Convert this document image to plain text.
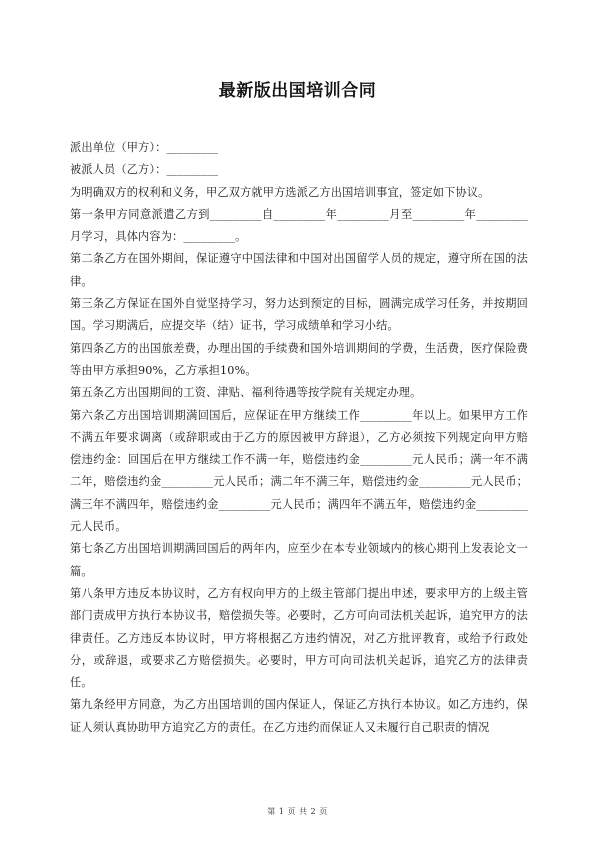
最新版出国培训合同

派出单位（甲方）：_________

被派人员（乙方）：_________

为明确双方的权利和义务，甲乙双方就甲方选派乙方出国培训事宜，签定如下协议。

第一条甲方同意派遣乙方到_________自_________年_________月至_________年_________月学习，具体内容为：_________。

第二条乙方在国外期间，保证遵守中国法律和中国对出国留学人员的规定，遵守所在国的法律。

第三条乙方保证在国外自觉坚持学习，努力达到预定的目标，圆满完成学习任务，并按期回国。学习期满后，应提交毕（结）证书，学习成绩单和学习小结。

第四条乙方的出国旅差费，办理出国的手续费和国外培训期间的学费，生活费，医疗保险费等由甲方承担90%，乙方承担10%。

第五条乙方出国期间的工资、津贴、福利待遇等按学院有关规定办理。

第六条乙方出国培训期满回国后，应保证在甲方继续工作_________年以上。如果甲方工作不满五年要求调离（或辞职或由于乙方的原因被甲方辞退），乙方必须按下列规定向甲方赔偿违约金：回国后在甲方继续工作不满一年，赔偿违约金_________元人民币；满一年不满二年，赔偿违约金_________元人民币；满二年不满三年，赔偿违约金_________元人民币；满三年不满四年，赔偿违约金_________元人民币；满四年不满五年，赔偿违约金_________元人民币。

第七条乙方出国培训期满回国后的两年内，应至少在本专业领域内的核心期刊上发表论文一篇。

第八条甲方违反本协议时，乙方有权向甲方的上级主管部门提出申述，要求甲方的上级主管部门责成甲方执行本协议书，赔偿损失等。必要时，乙方可向司法机关起诉，追究甲方的法律责任。乙方违反本协议时，甲方将根据乙方违约情况，对乙方批评教育，或给予行政处分，或辞退，或要求乙方赔偿损失。必要时，甲方可向司法机关起诉，追究乙方的法律责任。

第九条经甲方同意，为乙方出国培训的国内保证人，保证乙方执行本协议。如乙方违约，保证人须认真协助甲方追究乙方的责任。在乙方违约而保证人又未履行自己职责的情况

第 1 页 共 2 页
